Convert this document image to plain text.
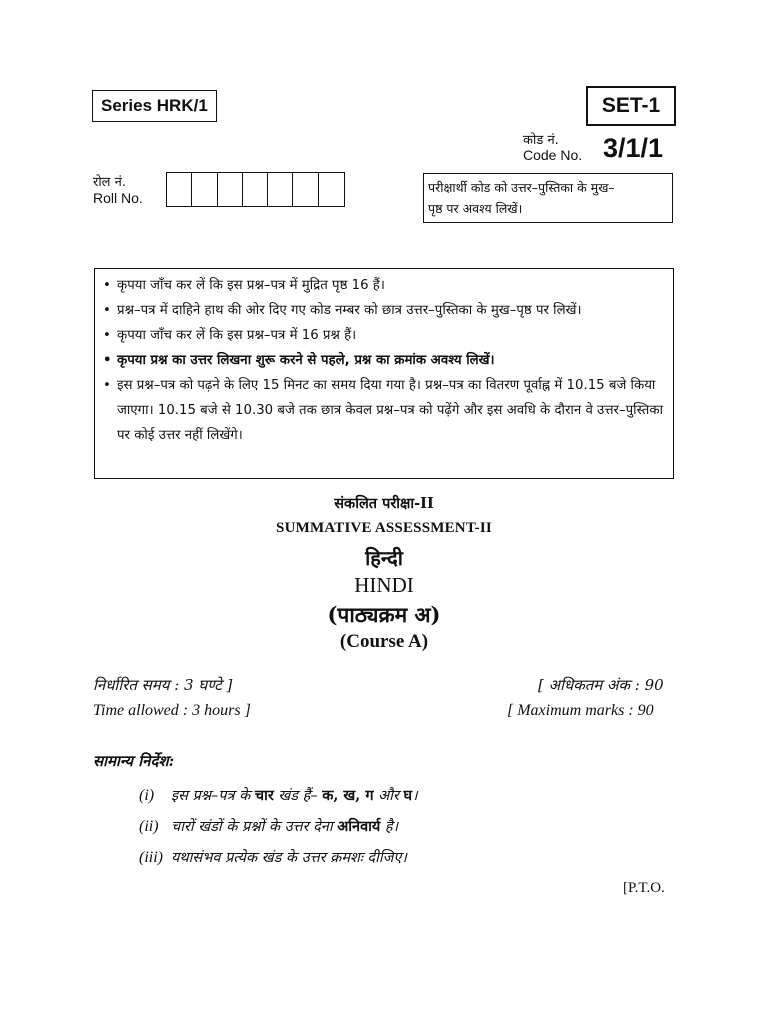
Series HRK/1	SET-1
कोड नं.
Code No. 3/1/1
रोल नं.
Roll No.
परीक्षार्थी कोड को उत्तर–पुस्तिका के मुख–
पृष्ठ पर अवश्य लिखें।
• कृपया जाँच कर लें कि इस प्रश्न–पत्र में मुद्रित पृष्ठ 16 हैं।
• प्रश्न–पत्र में दाहिने हाथ की ओर दिए गए कोड नम्बर को छात्र उत्तर–पुस्तिका के मुख–पृष्ठ पर लिखें।
• कृपया जाँच कर लें कि इस प्रश्न–पत्र में 16 प्रश्न हैं।
• कृपया प्रश्न का उत्तर लिखना शुरू करने से पहले, प्रश्न का क्रमांक अवश्य लिखें।
• इस प्रश्न–पत्र को पढ़ने के लिए 15 मिनट का समय दिया गया है। प्रश्न–पत्र का वितरण पूर्वाह्न में 10.15 बजे किया जाएगा। 10.15 बजे से 10.30 बजे तक छात्र केवल प्रश्न–पत्र को पढ़ेंगे और इस अवधि के दौरान वे उत्तर–पुस्तिका पर कोई उत्तर नहीं लिखेंगे।
संकलित परीक्षा-II
SUMMATIVE ASSESSMENT-II
हिन्दी
HINDI
(पाठ्यक्रम अ)
(Course A)
निर्धारित समय : 3 घण्टे ]	[ अधिकतम अंक : 90
Time allowed : 3 hours ]	[ Maximum marks : 90
सामान्य निर्देश:
(i) इस प्रश्न–पत्र के चार खंड हैं– क, ख, ग और घ।
(ii) चारों खंडों के प्रश्नों के उत्तर देना अनिवार्य है।
(iii) यथासंभव प्रत्येक खंड के उत्तर क्रमशः दीजिए।
[P.T.O.
